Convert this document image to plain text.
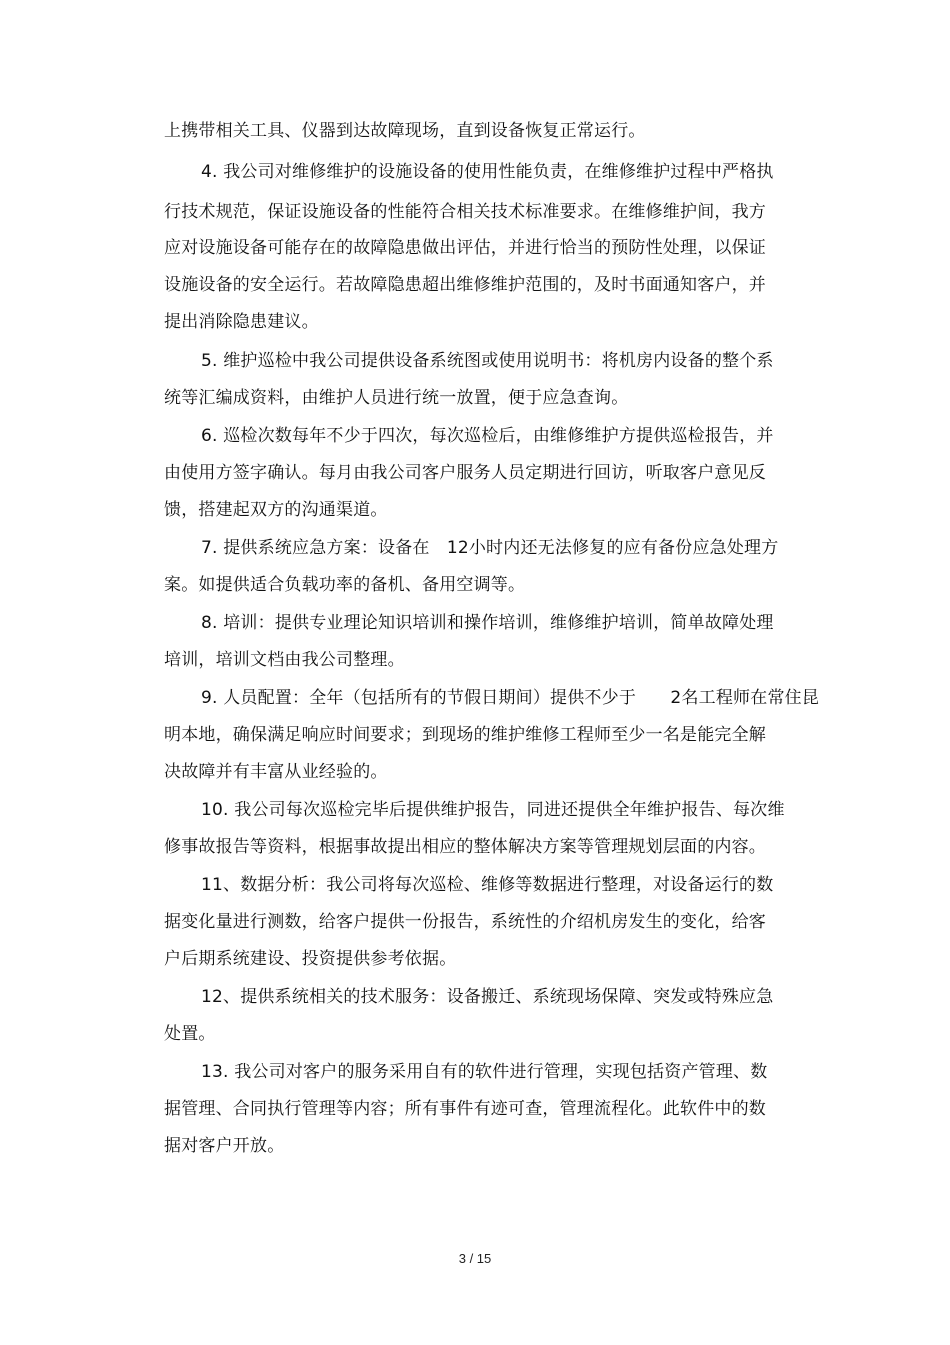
上携带相关工具、仪器到达故障现场，直到设备恢复正常运行。
4. 我公司对维修维护的设施设备的使用性能负责，在维修维护过程中严格执
行技术规范，保证设施设备的性能符合相关技术标准要求。在维修维护间，我方
应对设施设备可能存在的故障隐患做出评估，并进行恰当的预防性处理，以保证
设施设备的安全运行。若故障隐患超出维修维护范围的，及时书面通知客户，并
提出消除隐患建议。
5. 维护巡检中我公司提供设备系统图或使用说明书：将机房内设备的整个系
统等汇编成资料，由维护人员进行统一放置，便于应急查询。
6. 巡检次数每年不少于四次，每次巡检后，由维修维护方提供巡检报告，并
由使用方签字确认。每月由我公司客户服务人员定期进行回访，听取客户意见反
馈，搭建起双方的沟通渠道。
7. 提供系统应急方案：设备在　12小时内还无法修复的应有备份应急处理方
案。如提供适合负载功率的备机、备用空调等。
8. 培训：提供专业理论知识培训和操作培训，维修维护培训，简单故障处理
培训，培训文档由我公司整理。
9. 人员配置：全年（包括所有的节假日期间）提供不少于　　2名工程师在常住昆
明本地，确保满足响应时间要求；到现场的维护维修工程师至少一名是能完全解
决故障并有丰富从业经验的。
10. 我公司每次巡检完毕后提供维护报告，同进还提供全年维护报告、每次维
修事故报告等资料，根据事故提出相应的整体解决方案等管理规划层面的内容。
11、数据分析：我公司将每次巡检、维修等数据进行整理，对设备运行的数
据变化量进行测数，给客户提供一份报告，系统性的介绍机房发生的变化，给客
户后期系统建设、投资提供参考依据。
12、提供系统相关的技术服务：设备搬迁、系统现场保障、突发或特殊应急
处置。
13. 我公司对客户的服务采用自有的软件进行管理，实现包括资产管理、数
据管理、合同执行管理等内容；所有事件有迹可查，管理流程化。此软件中的数
据对客户开放。
3 / 15
